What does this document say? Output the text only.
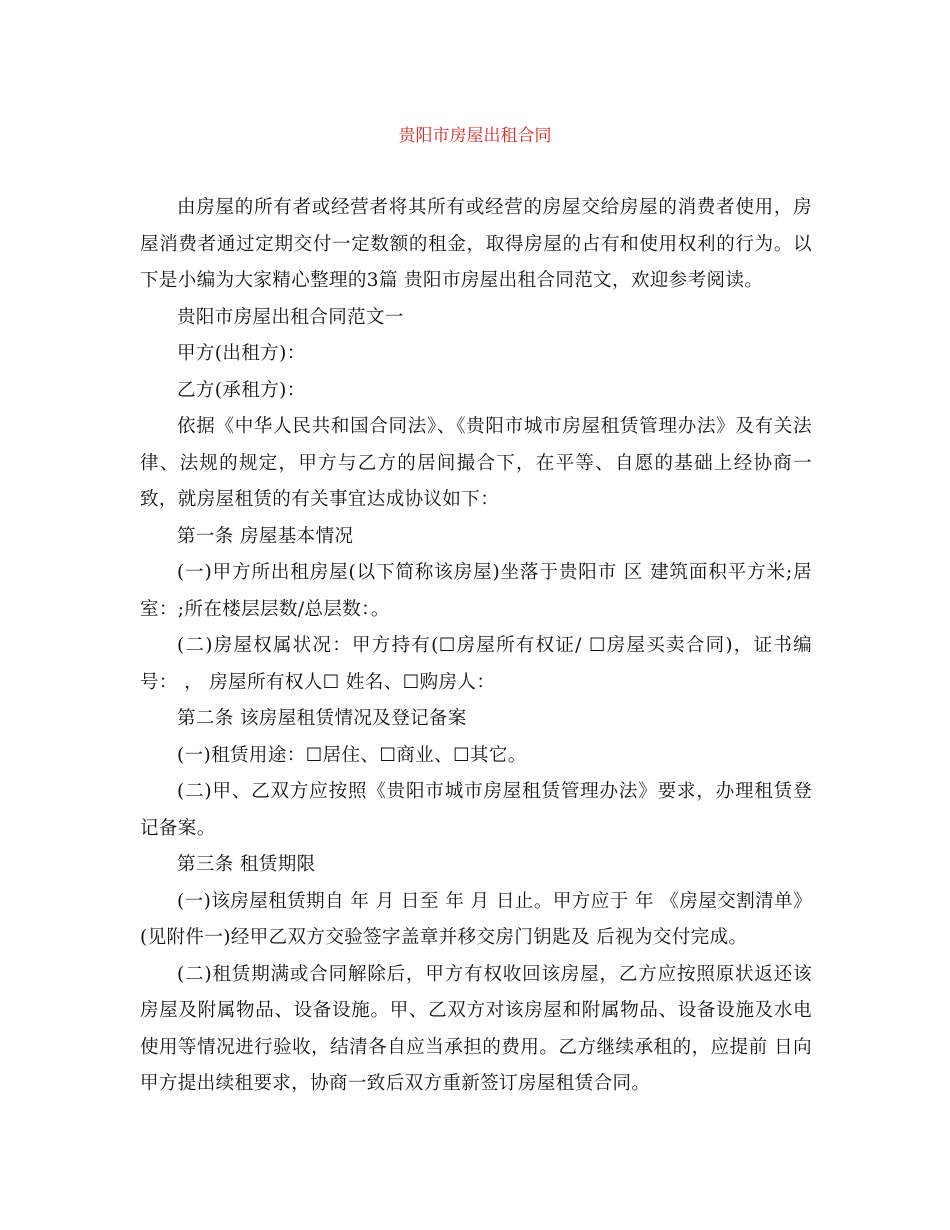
贵阳市房屋出租合同

由房屋的所有者或经营者将其所有或经营的房屋交给房屋的消费者使用，房屋消费者通过定期交付一定数额的租金，取得房屋的占有和使用权利的行为。以下是小编为大家精心整理的3篇 贵阳市房屋出租合同范文，欢迎参考阅读。

贵阳市房屋出租合同范文一

甲方(出租方)：

乙方(承租方)：

依据《中华人民共和国合同法》、《贵阳市城市房屋租赁管理办法》及有关法律、法规的规定，甲方与乙方的居间撮合下，在平等、自愿的基础上经协商一致，就房屋租赁的有关事宜达成协议如下：

第一条 房屋基本情况

(一)甲方所出租房屋(以下简称该房屋)坐落于贵阳市 区 建筑面积平方米;居室：;所在楼层层数/总层数：。

(二)房屋权属状况：甲方持有(☐房屋所有权证/ ☐房屋买卖合同)，证书编号： ， 房屋所有权人☐ 姓名、☐购房人：

第二条 该房屋租赁情况及登记备案

(一)租赁用途：☐居住、☐商业、☐其它。

(二)甲、乙双方应按照《贵阳市城市房屋租赁管理办法》要求，办理租赁登记备案。

第三条 租赁期限

(一)该房屋租赁期自 年 月 日至 年 月 日止。甲方应于 年 《房屋交割清单》(见附件一)经甲乙双方交验签字盖章并移交房门钥匙及 后视为交付完成。

(二)租赁期满或合同解除后，甲方有权收回该房屋，乙方应按照原状返还该房屋及附属物品、设备设施。甲、乙双方对该房屋和附属物品、设备设施及水电使用等情况进行验收，结清各自应当承担的费用。乙方继续承租的，应提前 日向甲方提出续租要求，协商一致后双方重新签订房屋租赁合同。
